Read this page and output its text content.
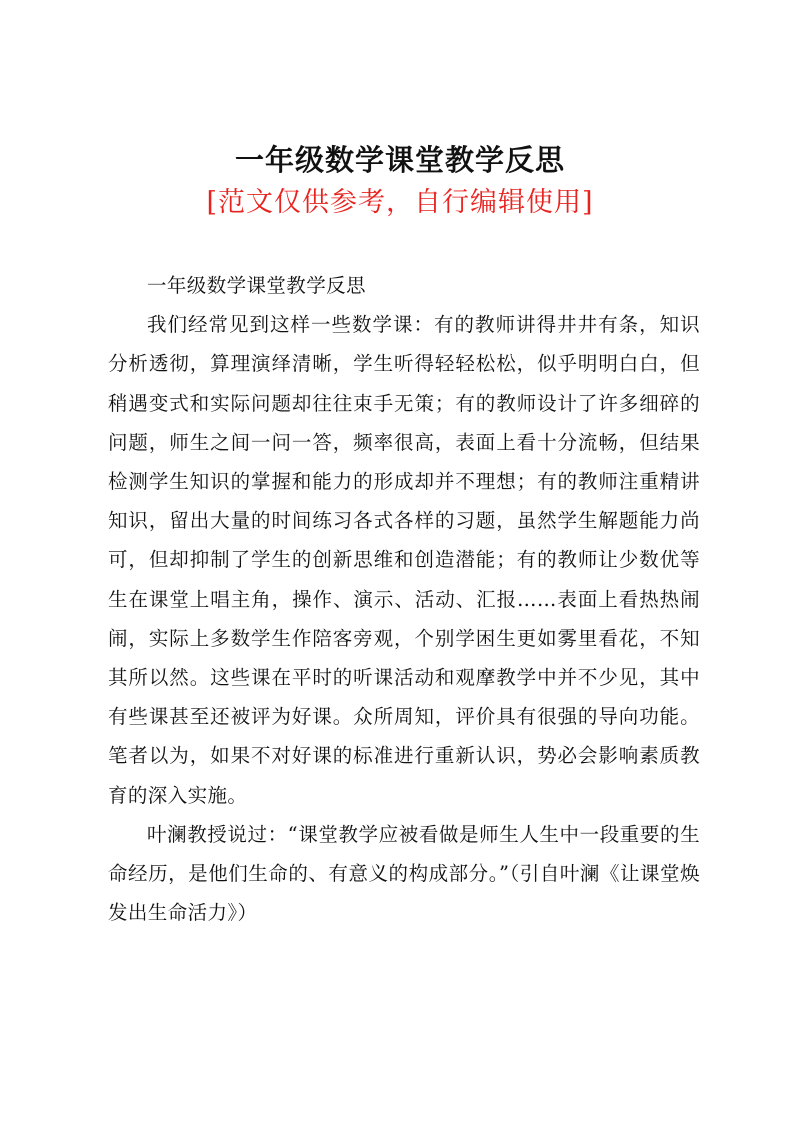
一年级数学课堂教学反思
[范文仅供参考，自行编辑使用]

一年级数学课堂教学反思

我们经常见到这样一些数学课：有的教师讲得井井有条，知识分析透彻，算理演绎清晰，学生听得轻轻松松，似乎明明白白，但稍遇变式和实际问题却往往束手无策；有的教师设计了许多细碎的问题，师生之间一问一答，频率很高，表面上看十分流畅，但结果检测学生知识的掌握和能力的形成却并不理想；有的教师注重精讲知识，留出大量的时间练习各式各样的习题，虽然学生解题能力尚可，但却抑制了学生的创新思维和创造潜能；有的教师让少数优等生在课堂上唱主角，操作、演示、活动、汇报……表面上看热热闹闹，实际上多数学生作陪客旁观，个别学困生更如雾里看花，不知其所以然。这些课在平时的听课活动和观摩教学中并不少见，其中有些课甚至还被评为好课。众所周知，评价具有很强的导向功能。笔者以为，如果不对好课的标准进行重新认识，势必会影响素质教育的深入实施。

叶澜教授说过：“课堂教学应被看做是师生人生中一段重要的生命经历，是他们生命的、有意义的构成部分。”（引自叶澜《让课堂焕发出生命活力》）
